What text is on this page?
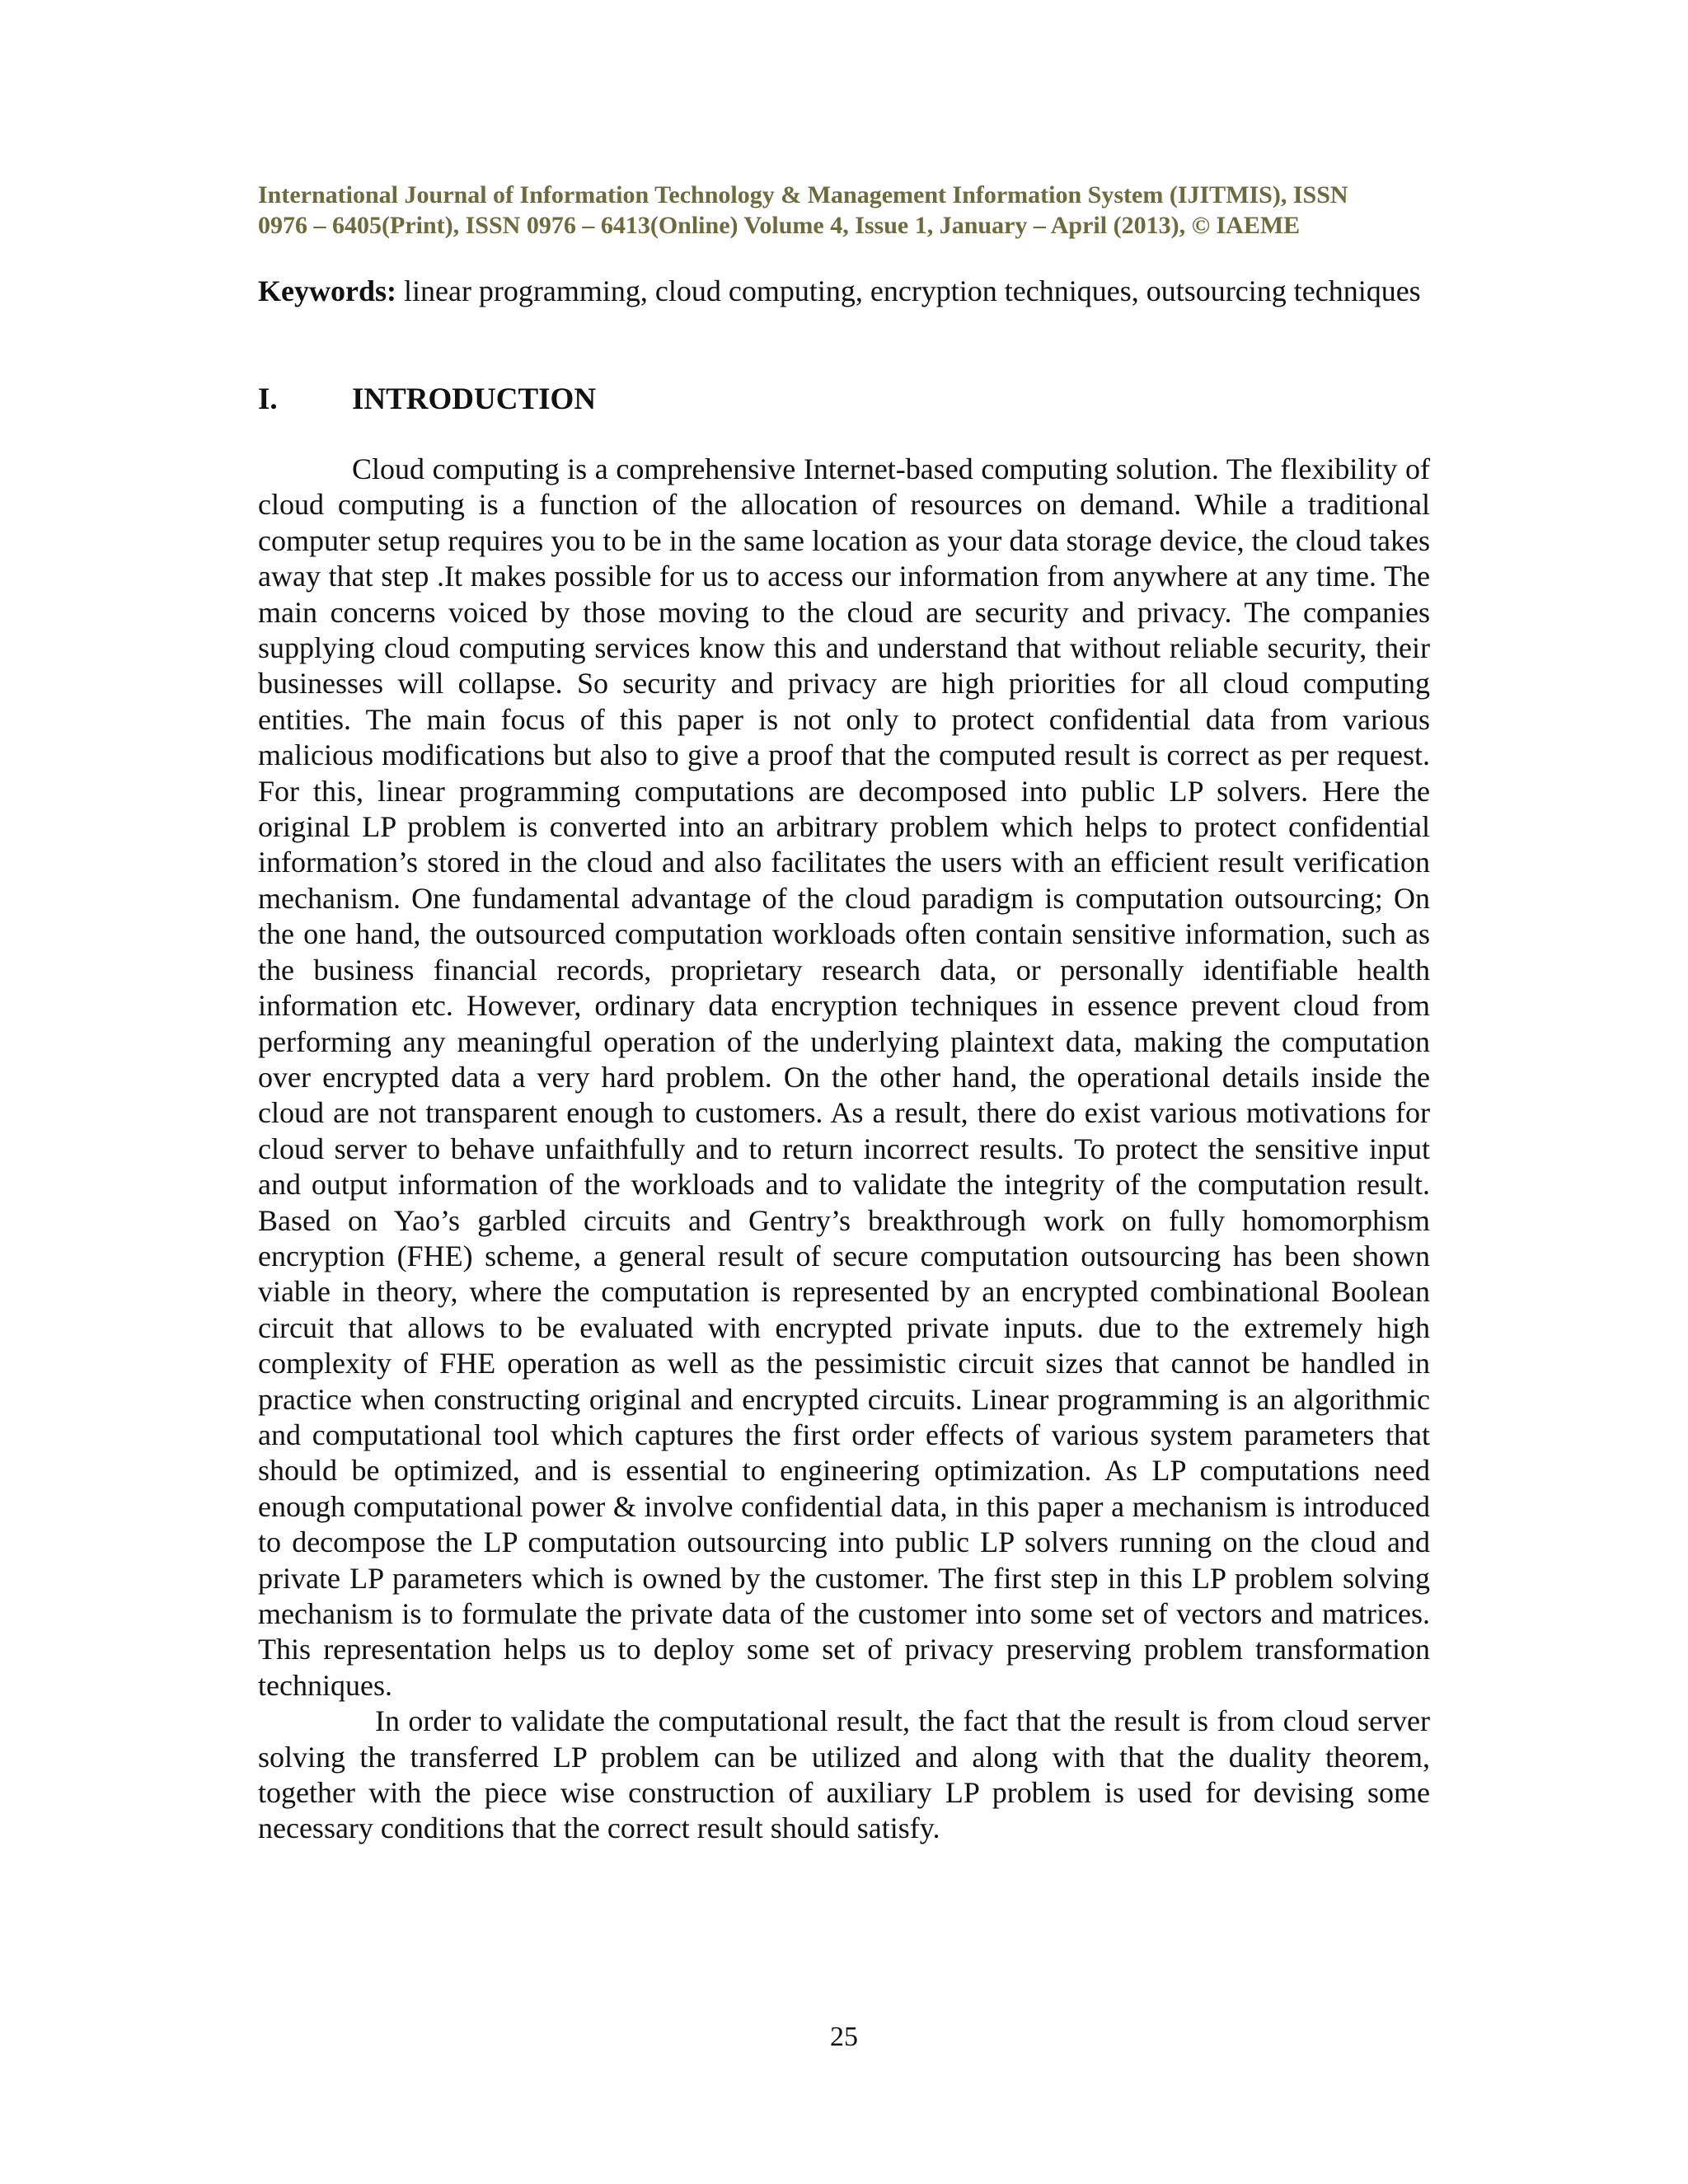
International Journal of Information Technology & Management Information System (IJITMIS), ISSN
0976 – 6405(Print), ISSN 0976 – 6413(Online) Volume 4, Issue 1, January – April (2013), © IAEME
Keywords: linear programming, cloud computing, encryption techniques, outsourcing techniques
I. INTRODUCTION

Cloud computing is a comprehensive Internet-based computing solution. The flexibility of cloud computing is a function of the allocation of resources on demand. While a traditional computer setup requires you to be in the same location as your data storage device, the cloud takes away that step .It makes possible for us to access our information from anywhere at any time. The main concerns voiced by those moving to the cloud are security and privacy. The companies supplying cloud computing services know this and understand that without reliable security, their businesses will collapse. So security and privacy are high priorities for all cloud computing entities. The main focus of this paper is not only to protect confidential data from various malicious modifications but also to give a proof that the computed result is correct as per request. For this, linear programming computations are decomposed into public LP solvers. Here the original LP problem is converted into an arbitrary problem which helps to protect confidential information’s stored in the cloud and also facilitates the users with an efficient result verification mechanism. One fundamental advantage of the cloud paradigm is computation outsourcing; On the one hand, the outsourced computation workloads often contain sensitive information, such as the business financial records, proprietary research data, or personally identifiable health information etc. However, ordinary data encryption techniques in essence prevent cloud from performing any meaningful operation of the underlying plaintext data, making the computation over encrypted data a very hard problem. On the other hand, the operational details inside the cloud are not transparent enough to customers. As a result, there do exist various motivations for cloud server to behave unfaithfully and to return incorrect results. To protect the sensitive input and output information of the workloads and to validate the integrity of the computation result. Based on Yao’s garbled circuits and Gentry’s breakthrough work on fully homomorphism encryption (FHE) scheme, a general result of secure computation outsourcing has been shown viable in theory, where the computation is represented by an encrypted combinational Boolean circuit that allows to be evaluated with encrypted private inputs. due to the extremely high complexity of FHE operation as well as the pessimistic circuit sizes that cannot be handled in practice when constructing original and encrypted circuits. Linear programming is an algorithmic and computational tool which captures the first order effects of various system parameters that should be optimized, and is essential to engineering optimization. As LP computations need enough computational power & involve confidential data, in this paper a mechanism is introduced to decompose the LP computation outsourcing into public LP solvers running on the cloud and private LP parameters which is owned by the customer. The first step in this LP problem solving mechanism is to formulate the private data of the customer into some set of vectors and matrices. This representation helps us to deploy some set of privacy preserving problem transformation techniques.

In order to validate the computational result, the fact that the result is from cloud server solving the transferred LP problem can be utilized and along with that the duality theorem, together with the piece wise construction of auxiliary LP problem is used for devising some necessary conditions that the correct result should satisfy.

25
